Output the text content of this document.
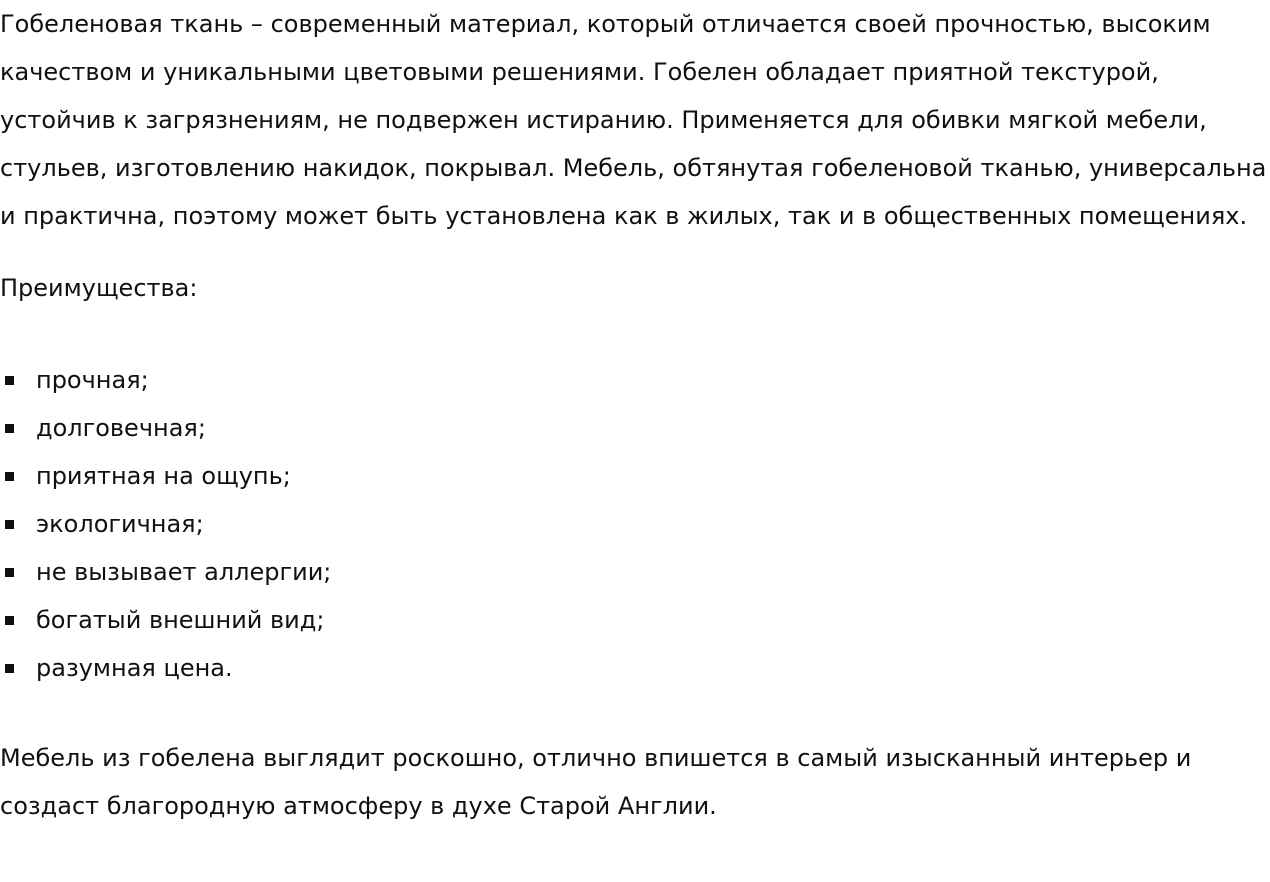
Гобеленовая ткань – современный материал, который отличается своей прочностью, высоким качеством и уникальными цветовыми решениями. Гобелен обладает приятной текстурой, устойчив к загрязнениям, не подвержен истиранию. Применяется для обивки мягкой мебели, стульев, изготовлению накидок, покрывал. Мебель, обтянутая гобеленовой тканью, универсальна и практична, поэтому может быть установлена как в жилых, так и в общественных помещениях.

Преимущества:

прочная;
долговечная;
приятная на ощупь;
экологичная;
не вызывает аллергии;
богатый внешний вид;
разумная цена.

Мебель из гобелена выглядит роскошно, отлично впишется в самый изысканный интерьер и создаст благородную атмосферу в духе Старой Англии.
